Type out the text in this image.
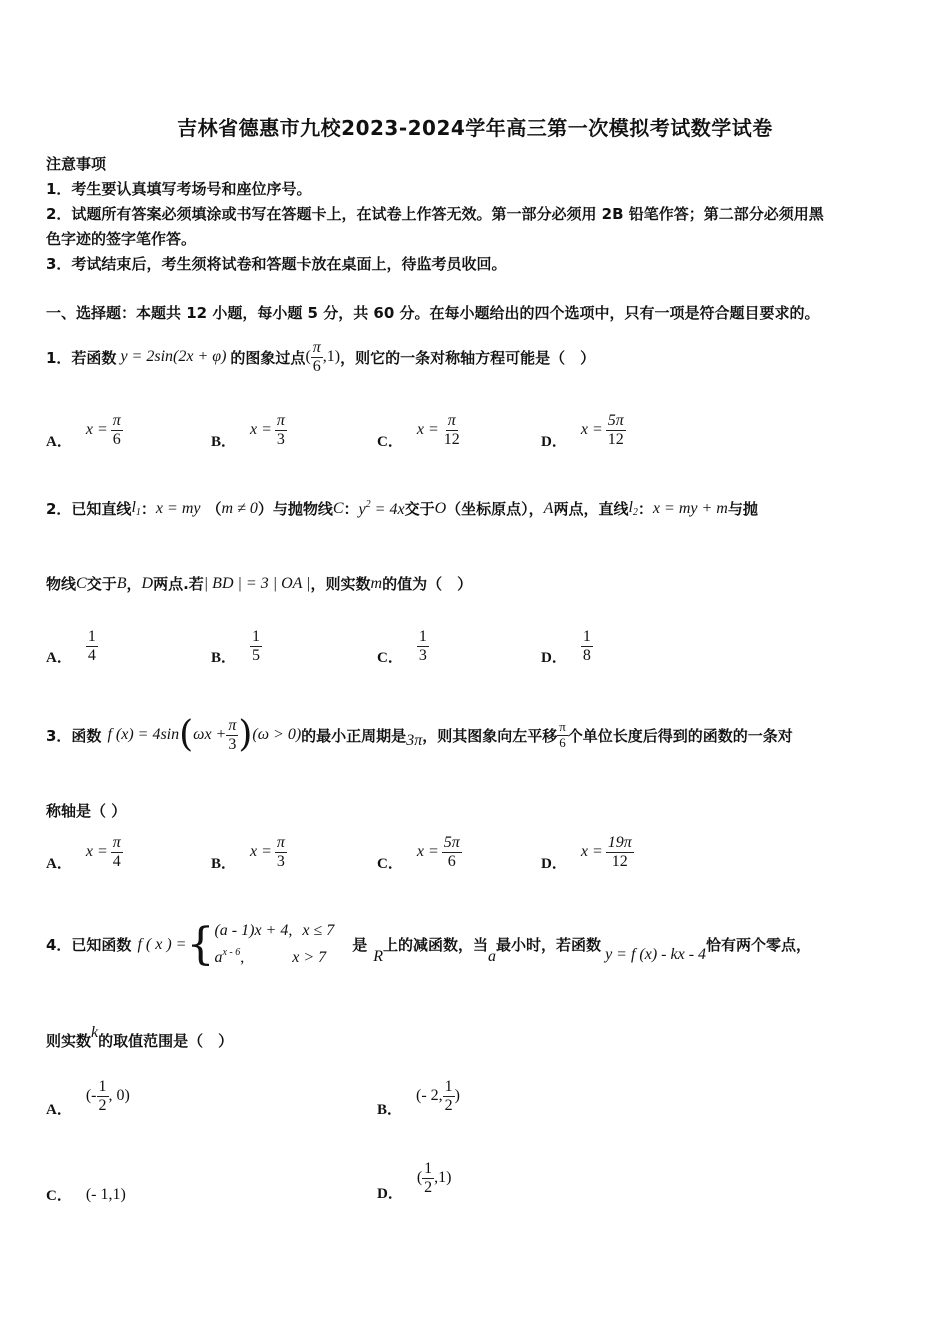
吉林省德惠市九校2023-2024学年高三第一次模拟考试数学试卷
注意事项
1．考生要认真填写考场号和座位序号。
2．试题所有答案必须填涂或书写在答题卡上，在试卷上作答无效。第一部分必须用 2B 铅笔作答；第二部分必须用黑
色字迹的签字笔作答。
3．考试结束后，考生须将试卷和答题卡放在桌面上，待监考员收回。
一、选择题：本题共 12 小题，每小题 5 分，共 60 分。在每小题给出的四个选项中，只有一项是符合题目要求的。
1．若函数 y = 2sin(2x + φ) 的图象过点 ( $\frac{\pi}{6} ,1$) ，则它的一条对称轴方程可能是（　）
A．
$x = \frac{\pi}{6}$	B．
$x = \frac{\pi}{3}$	C．
$x = \frac{\pi}{12}$	D．
$x = \frac{5\pi}{12}$
2．已知直线 $l_1$ ： x = my （ m ≠ 0 ）与抛物线 C ： $y^2 = 4x$ 交于 O （坐标原点）， A 两点，直线 $l_2$ ： x = my + m 与抛
物线 C 交于 B ， D 两点.若 | BD | = 3 | OA | ，则实数 m 的值为（　）
A． $\frac{1}{4}$	B． $\frac{1}{5}$	C． $\frac{1}{3}$	D． $\frac{1}{8}$
3．函数 f (x) = 4sin ( $\omega x + \frac{\pi}{3}$ ) (ω > 0) 的最小正周期是 3π ，则其图象向左平移 $\frac{\pi}{6}$ 个单位长度后得到的函数的一条对
称轴是（ ）
A．
$x = \frac{\pi}{4}$	B．
$x = \frac{\pi}{3}$	C．
$x = \frac{5\pi}{6}$	D．
$x = \frac{19\pi}{12}$
4．已知函数 f ( x ) = { (a - 1)x + 4, x ≤ 7
$a^{x - 6}$,	x > 7
是
R
上的减函数，当
a
最小时，若函数 y = f (x) - kx - 4 恰有两个零点，
则实数 k 的取值范围是（　）
A．
(- $\frac{1}{2}$ , 0)
B．
(- 2, $\frac{1}{2}$ )
C． (- 1,1)	D．
( $\frac{1}{2} ,1$)
